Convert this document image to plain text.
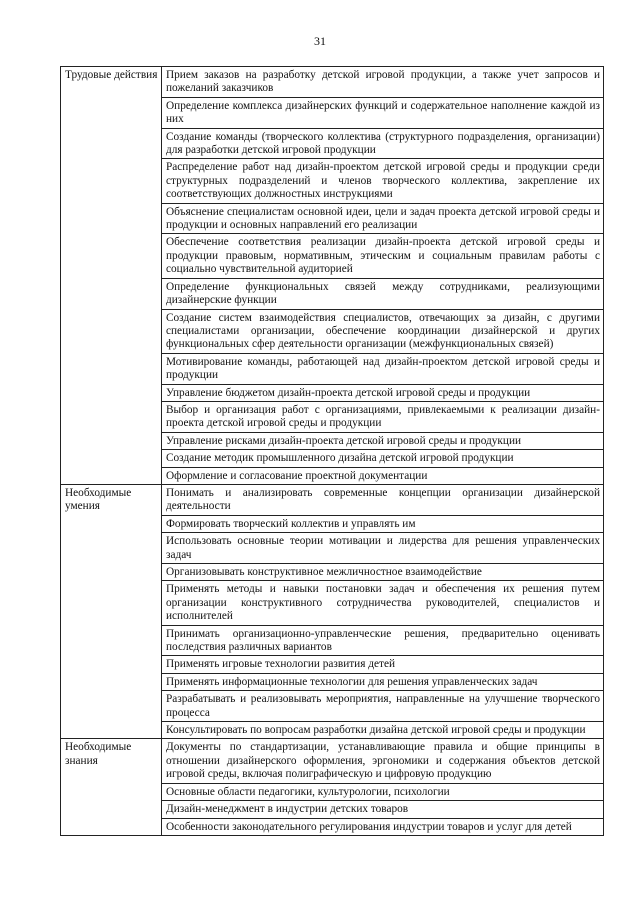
31
Трудовые действия	Прием заказов на разработку детской игровой продукции, а также учет запросов и пожеланий заказчиков
	Определение комплекса дизайнерских функций и содержательное наполнение каждой из них
	Создание команды (творческого коллектива (структурного подразделения, организации) для разработки детской игровой продукции
	Распределение работ над дизайн-проектом детской игровой среды и продукции среди структурных подразделений и членов творческого коллектива, закрепление их соответствующих должностных инструкциями
	Объяснение специалистам основной идеи, цели и задач проекта детской игровой среды и продукции и основных направлений его реализации
	Обеспечение соответствия реализации дизайн-проекта детской игровой среды и продукции правовым, нормативным, этическим и социальным правилам работы с социально чувствительной аудиторией
	Определение функциональных связей между сотрудниками, реализующими дизайнерские функции
	Создание систем взаимодействия специалистов, отвечающих за дизайн, с другими специалистами организации, обеспечение координации дизайнерской и других функциональных сфер деятельности организации (межфункциональных связей)
	Мотивирование команды, работающей над дизайн-проектом детской игровой среды и продукции
	Управление бюджетом дизайн-проекта детской игровой среды и продукции
	Выбор и организация работ с организациями, привлекаемыми к реализации дизайн-проекта детской игровой среды и продукции
	Управление рисками дизайн-проекта детской игровой среды и продукции
	Создание методик промышленного дизайна детской игровой продукции
	Оформление и согласование проектной документации
Необходимые умения	Понимать и анализировать современные концепции организации дизайнерской деятельности
	Формировать творческий коллектив и управлять им
	Использовать основные теории мотивации и лидерства для решения управленческих задач
	Организовывать конструктивное межличностное взаимодействие
	Применять методы и навыки постановки задач и обеспечения их решения путем организации конструктивного сотрудничества руководителей, специалистов и исполнителей
	Принимать организационно-управленческие решения, предварительно оценивать последствия различных вариантов
	Применять игровые технологии развития детей
	Применять информационные технологии для решения управленческих задач
	Разрабатывать и реализовывать мероприятия, направленные на улучшение творческого процесса
	Консультировать по вопросам разработки дизайна детской игровой среды и продукции
Необходимые знания	Документы по стандартизации, устанавливающие правила и общие принципы в отношении дизайнерского оформления, эргономики и содержания объектов детской игровой среды, включая полиграфическую и цифровую продукцию
	Основные области педагогики, культурологии, психологии
	Дизайн-менеджмент в индустрии детских товаров
	Особенности законодательного регулирования индустрии товаров и услуг для детей
